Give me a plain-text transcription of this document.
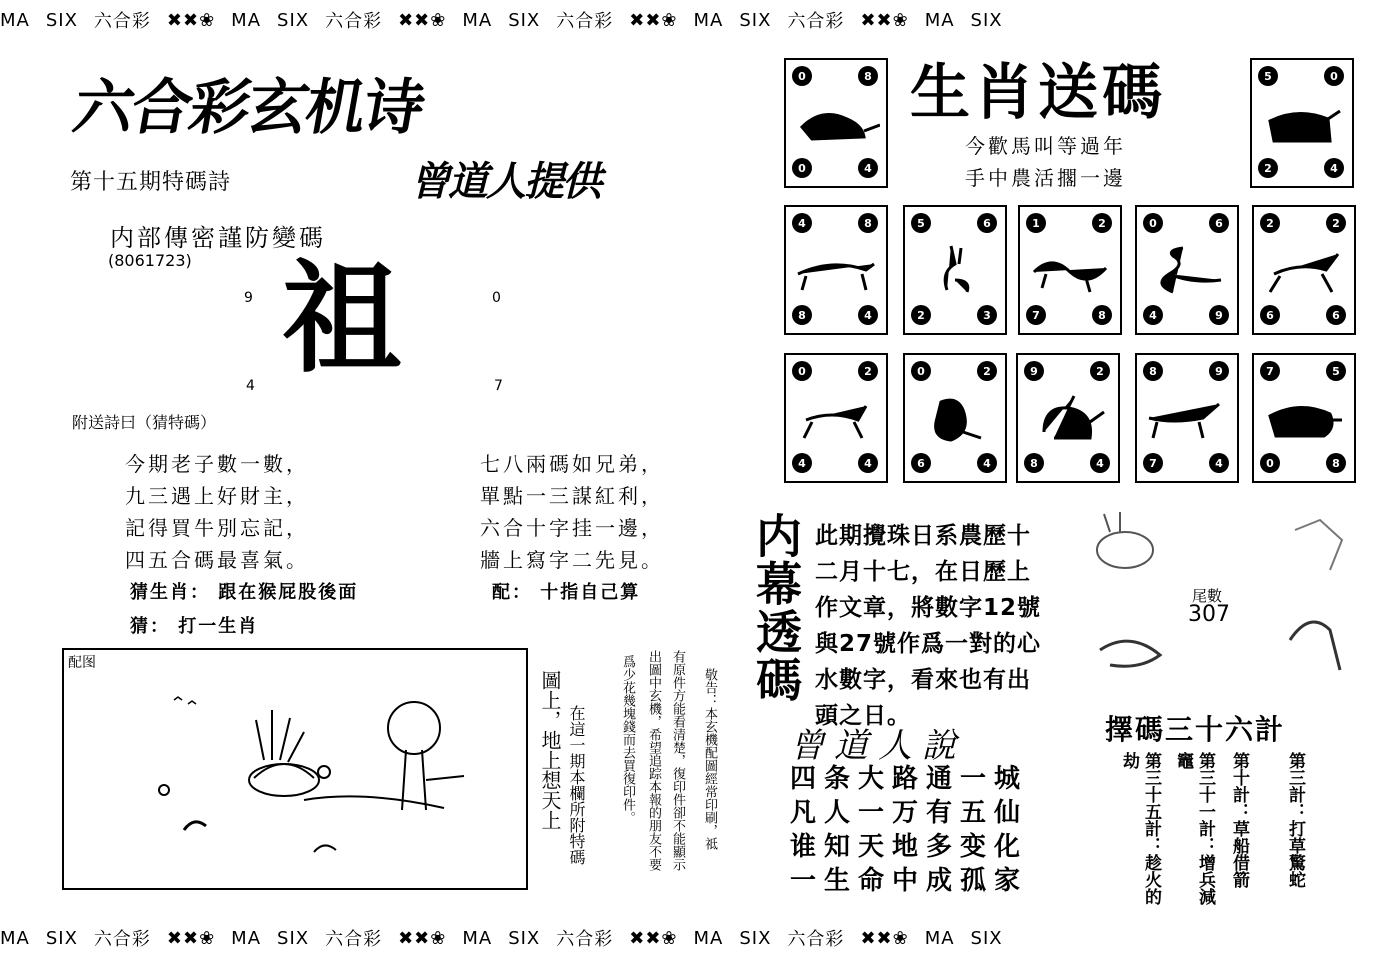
MA SIX 六合彩 ✖✖❀ MA SIX 六合彩 ✖✖❀ MA SIX 六合彩 ✖✖❀ MA SIX 六合彩 ✖✖❀ MA SIX
MA SIX 六合彩 ✖✖❀ MA SIX 六合彩 ✖✖❀ MA SIX 六合彩 ✖✖❀ MA SIX 六合彩 ✖✖❀ MA SIX
六合彩玄机诗
第十五期特碼詩	曾道人提供
内部傳密謹防變碼
(8061723)
9	0
4	7
祖
附送詩曰（猜特碼）
今期老子數一數，
九三遇上好財主，
記得買牛別忘記，
四五合碼最喜氣。
七八兩碼如兄弟，
單點一三謀紅利，
六合十字挂一邊，
牆上寫字二先見。
猜生肖： 跟在猴屁股後面
猜： 打一生肖
配： 十指自己算
配图
在這一期本欄所附特碼
圖上，地上想天上	敬告：本玄機配圖經常印刷，祗
有原件方能看清楚，復印件卻不能顯示
出圖中玄機，希望追踪本報的朋友不要
爲少花幾塊錢而去買復印件。
生肖送碼
今歡馬叫等過年
手中農活擱一邊
0	8
0	4
5	0
2	4
4	8
8	4
5	6
2	3
1	2
7	8
0	6
4	9
2	2
6	6
0	2
4	4
0	2
6	4
9	2
8	4
8	9
7	4
7	5
0	8
内幕透碼 此期攪珠日系農歷十
二月十七，在日歷上
作文章，將數字12號
與27號作爲一對的心
水數字，看來也有出
頭之日。
尾數
307
曾道人說
四条大路通一城
凡人一万有五仙
谁知天地多变化
一生命中成孤家
擇碼三十六計
第三十五計：趁火的劫	第三十一計：增兵減竈	第十計：草船借箭 第三計：打草驚蛇
